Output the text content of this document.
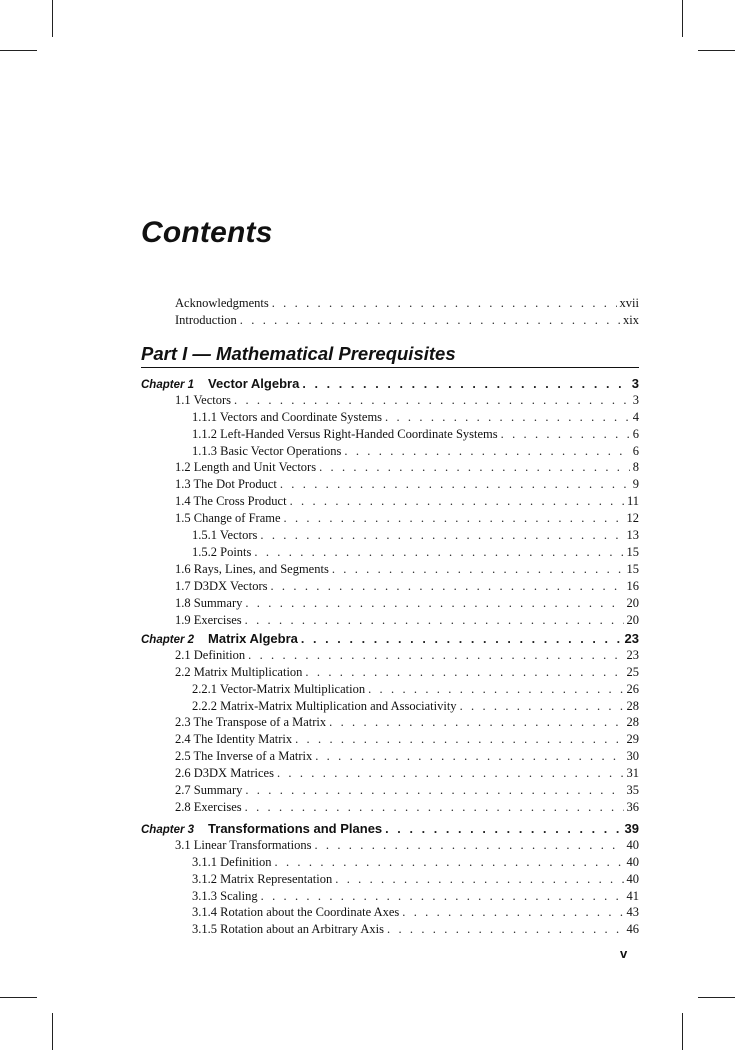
Contents
Acknowledgments . . .	xvii
Introduction . . .	xix
Part I — Mathematical Prerequisites
Chapter 1 Vector Algebra . . .	3
1.1 Vectors . . .	3
1.1.1 Vectors and Coordinate Systems . . .	4
1.1.2 Left-Handed Versus Right-Handed Coordinate Systems . . .	6
1.1.3 Basic Vector Operations . . .	6
1.2 Length and Unit Vectors . . .	8
1.3 The Dot Product . . .	9
1.4 The Cross Product . . .	11
1.5 Change of Frame . . .	12
1.5.1 Vectors . . .	13
1.5.2 Points . . .	15
1.6 Rays, Lines, and Segments . . .	15
1.7 D3DX Vectors . . .	16
1.8 Summary . . .	20
1.9 Exercises . . .	20
Chapter 2 Matrix Algebra . . .	23
2.1 Definition . . .	23
2.2 Matrix Multiplication . . .	25
2.2.1 Vector-Matrix Multiplication . . .	26
2.2.2 Matrix-Matrix Multiplication and Associativity . . .	28
2.3 The Transpose of a Matrix . . .	28
2.4 The Identity Matrix . . .	29
2.5 The Inverse of a Matrix . . .	30
2.6 D3DX Matrices . . .	31
2.7 Summary . . .	35
2.8 Exercises . . .	36
Chapter 3 Transformations and Planes . . .	39
3.1 Linear Transformations . . .	40
3.1.1 Definition . . .	40
3.1.2 Matrix Representation . . .	40
3.1.3 Scaling . . .	41
3.1.4 Rotation about the Coordinate Axes . . .	43
3.1.5 Rotation about an Arbitrary Axis . . .	46
v
